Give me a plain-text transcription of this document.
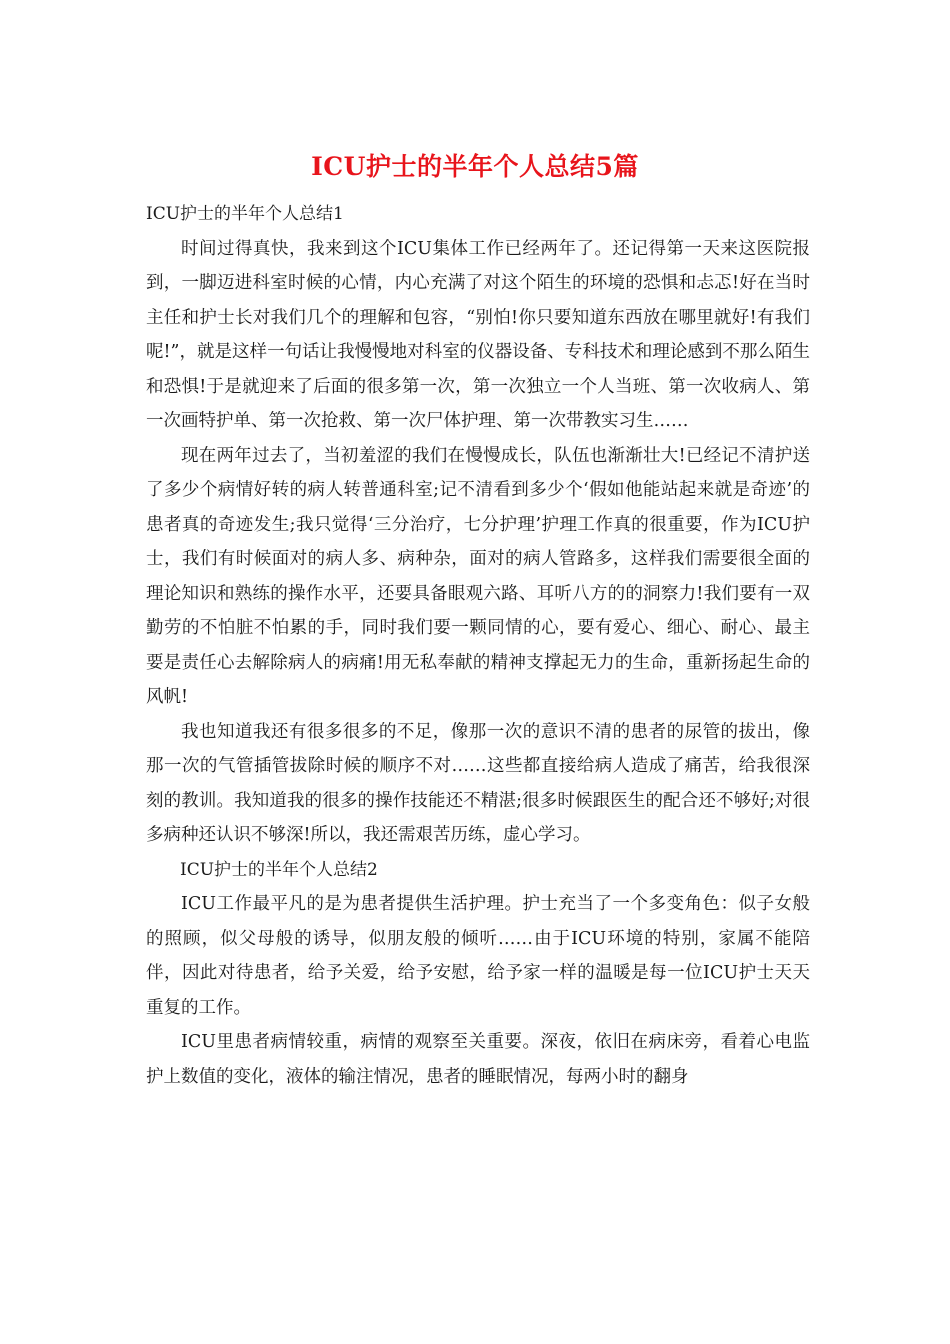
ICU护士的半年个人总结5篇

ICU护士的半年个人总结1

时间过得真快，我来到这个ICU集体工作已经两年了。还记得第一天来这医院报到，一脚迈进科室时候的心情，内心充满了对这个陌生的环境的恐惧和忐忑!好在当时主任和护士长对我们几个的理解和包容，“别怕!你只要知道东西放在哪里就好!有我们呢!”，就是这样一句话让我慢慢地对科室的仪器设备、专科技术和理论感到不那么陌生和恐惧!于是就迎来了后面的很多第一次，第一次独立一个人当班、第一次收病人、第一次画特护单、第一次抢救、第一次尸体护理、第一次带教实习生……

现在两年过去了，当初羞涩的我们在慢慢成长，队伍也渐渐壮大!已经记不清护送了多少个病情好转的病人转普通科室;记不清看到多少个‘假如他能站起来就是奇迹’的患者真的奇迹发生;我只觉得‘三分治疗，七分护理’护理工作真的很重要，作为ICU护士，我们有时候面对的病人多、病种杂，面对的病人管路多，这样我们需要很全面的理论知识和熟练的操作水平，还要具备眼观六路、耳听八方的的洞察力!我们要有一双勤劳的不怕脏不怕累的手，同时我们要一颗同情的心，要有爱心、细心、耐心、最主要是责任心去解除病人的病痛!用无私奉献的精神支撑起无力的生命，重新扬起生命的风帆!

我也知道我还有很多很多的不足，像那一次的意识不清的患者的尿管的拔出，像那一次的气管插管拔除时候的顺序不对……这些都直接给病人造成了痛苦，给我很深刻的教训。我知道我的很多的操作技能还不精湛;很多时候跟医生的配合还不够好;对很多病种还认识不够深!所以，我还需艰苦历练，虚心学习。

ICU护士的半年个人总结2

ICU工作最平凡的是为患者提供生活护理。护士充当了一个多变角色：似子女般的照顾，似父母般的诱导，似朋友般的倾听……由于ICU环境的特别，家属不能陪伴，因此对待患者，给予关爱，给予安慰，给予家一样的温暖是每一位ICU护士天天重复的工作。

ICU里患者病情较重，病情的观察至关重要。深夜，依旧在病床旁，看着心电监护上数值的变化，液体的输注情况，患者的睡眠情况，每两小时的翻身
